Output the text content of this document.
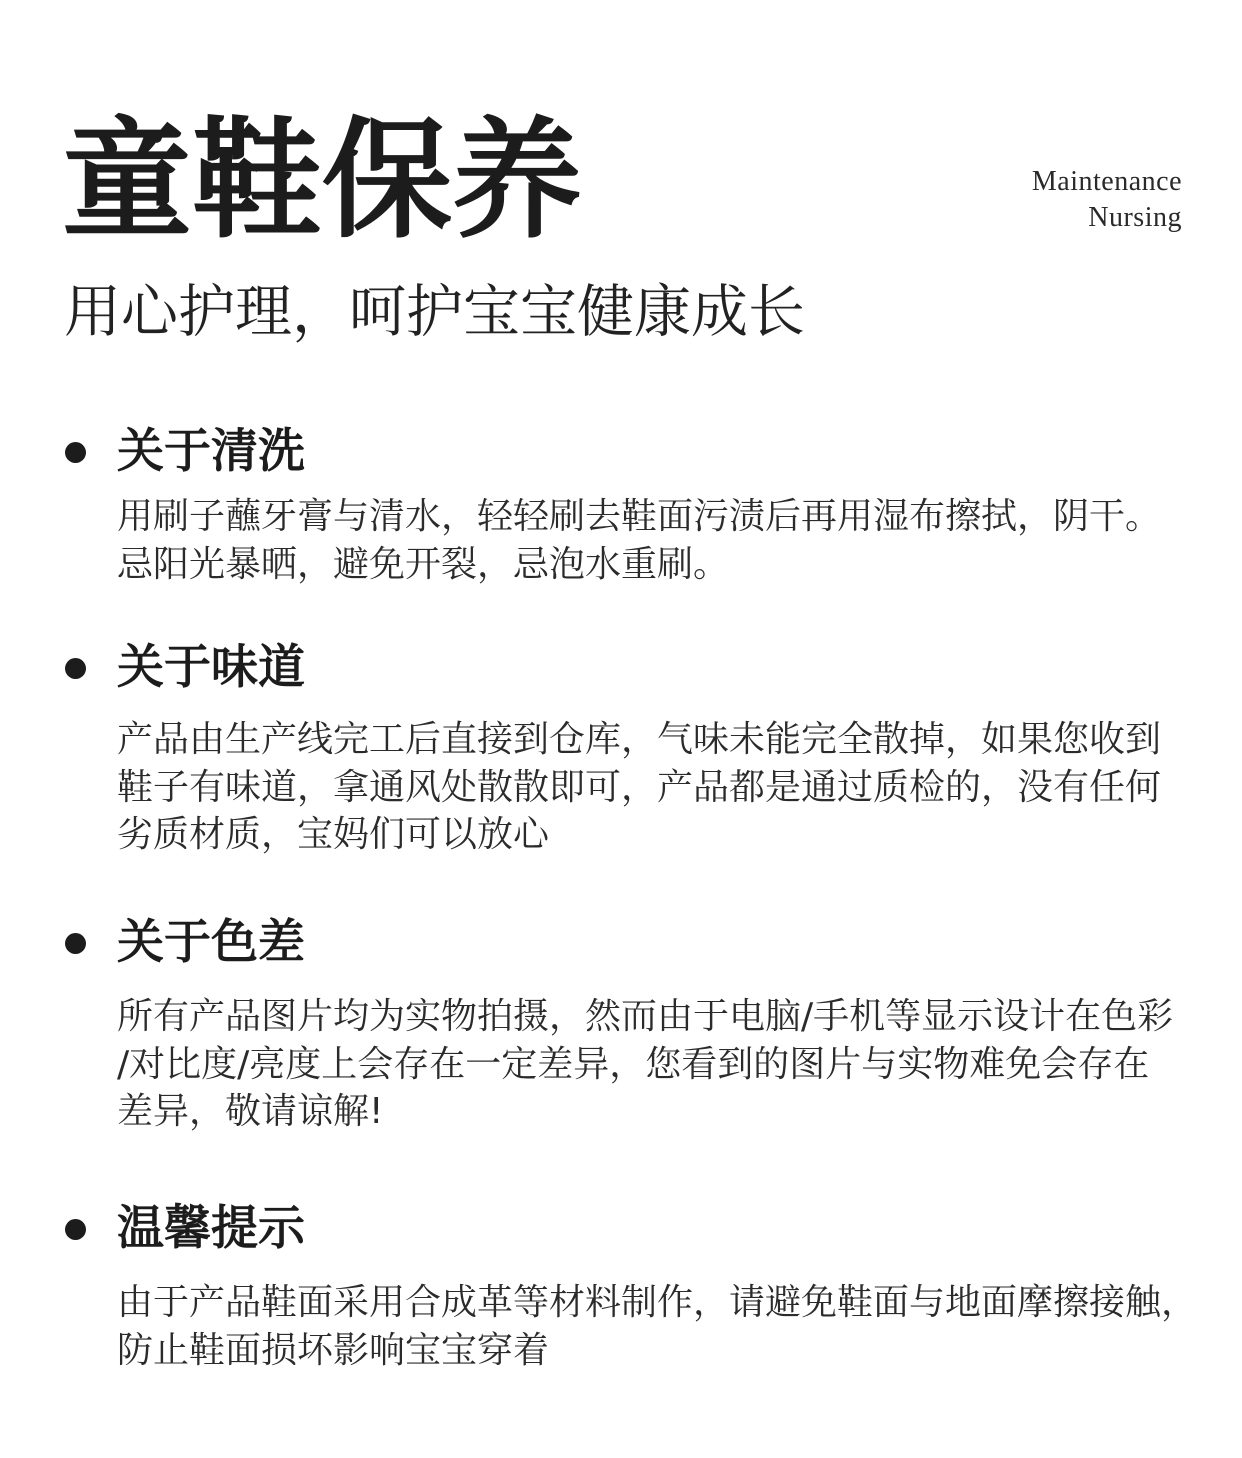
童鞋保养	Maintenance
Nursing
用心护理，呵护宝宝健康成长
关于清洗
用刷子蘸牙膏与清水，轻轻刷去鞋面污渍后再用湿布擦拭，阴干。
忌阳光暴晒，避免开裂，忌泡水重刷。
关于味道
产品由生产线完工后直接到仓库，气味未能完全散掉，如果您收到
鞋子有味道，拿通风处散散即可，产品都是通过质检的，没有任何
劣质材质，宝妈们可以放心
关于色差
所有产品图片均为实物拍摄，然而由于电脑/手机等显示设计在色彩
/对比度/亮度上会存在一定差异，您看到的图片与实物难免会存在
差异，敬请谅解!
温馨提示
由于产品鞋面采用合成革等材料制作，请避免鞋面与地面摩擦接触，
防止鞋面损坏影响宝宝穿着
